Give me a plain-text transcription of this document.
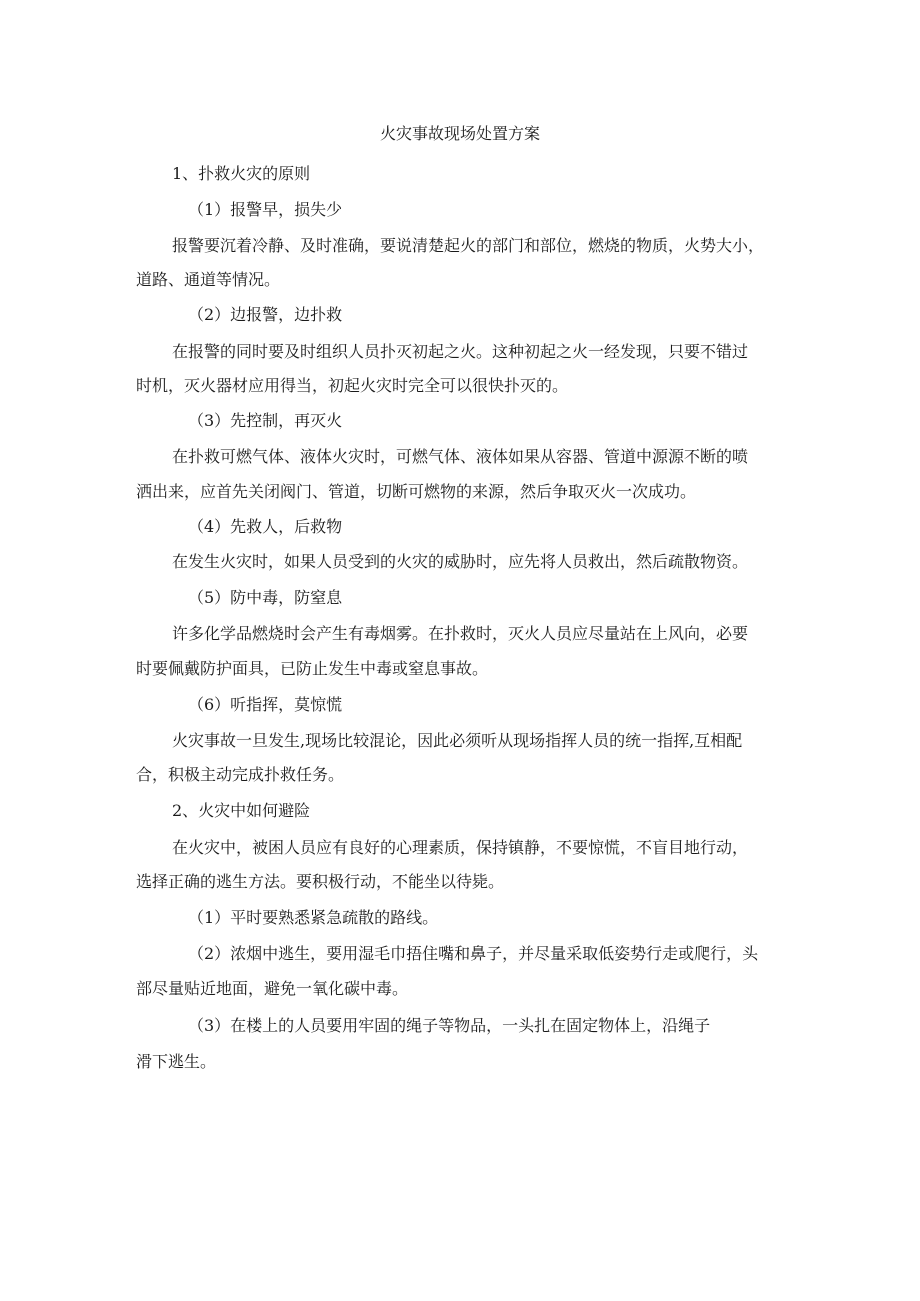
火灾事故现场处置方案

1、扑救火灾的原则

（1）报警早，损失少

报警要沉着冷静、及时准确，要说清楚起火的部门和部位，燃烧的物质，火势大小，

道路、通道等情况。

（2）边报警，边扑救

在报警的同时要及时组织人员扑灭初起之火。这种初起之火一经发现，只要不错过

时机，灭火器材应用得当，初起火灾时完全可以很快扑灭的。

（3）先控制，再灭火

在扑救可燃气体、液体火灾时，可燃气体、液体如果从容器、管道中源源不断的喷

洒出来，应首先关闭阀门、管道，切断可燃物的来源，然后争取灭火一次成功。

（4）先救人，后救物

在发生火灾时，如果人员受到的火灾的威胁时，应先将人员救出，然后疏散物资。

（5）防中毒，防窒息

许多化学品燃烧时会产生有毒烟雾。在扑救时，灭火人员应尽量站在上风向，必要

时要佩戴防护面具，已防止发生中毒或窒息事故。

（6）听指挥，莫惊慌

火灾事故一旦发生,现场比较混论，因此必须听从现场指挥人员的统一指挥,互相配

合，积极主动完成扑救任务。

2、火灾中如何避险

在火灾中，被困人员应有良好的心理素质，保持镇静，不要惊慌，不盲目地行动，

选择正确的逃生方法。要积极行动，不能坐以待毙。

（1）平时要熟悉紧急疏散的路线。

（2）浓烟中逃生，要用湿毛巾捂住嘴和鼻子，并尽量采取低姿势行走或爬行，头

部尽量贴近地面，避免一氧化碳中毒。

（3）在楼上的人员要用牢固的绳子等物品，一头扎在固定物体上，沿绳子

滑下逃生。
